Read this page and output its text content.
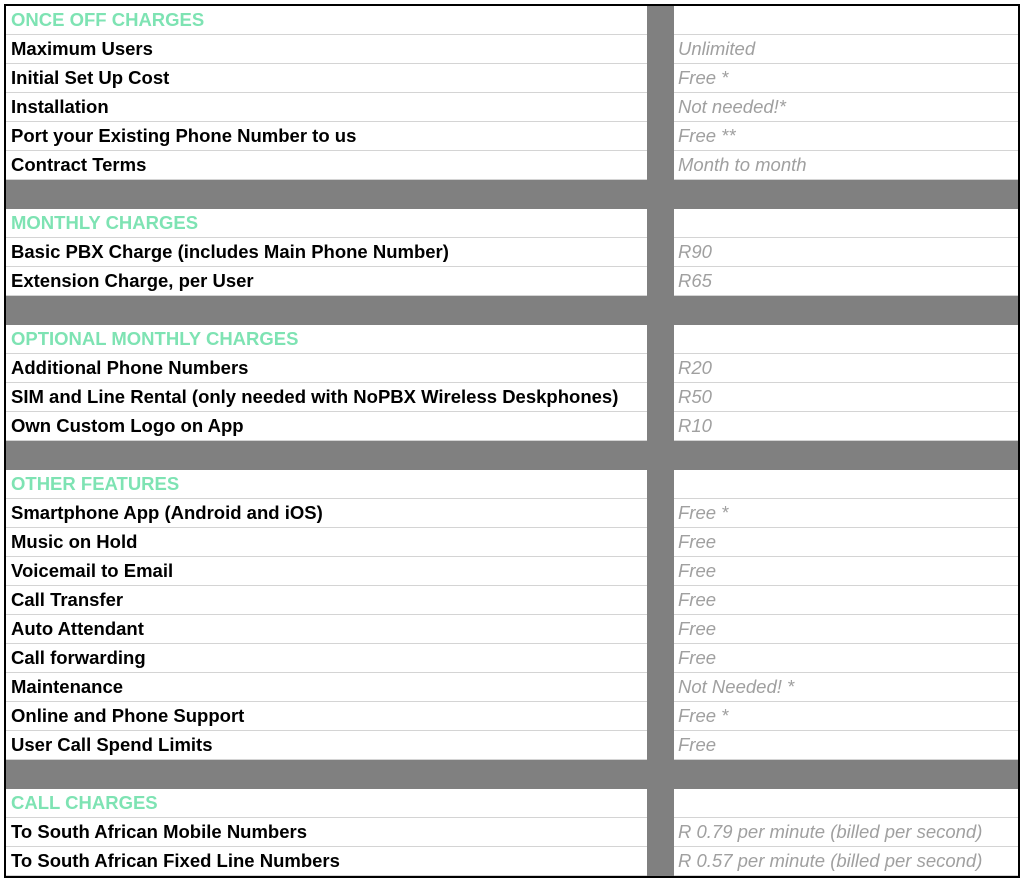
ONCE OFF CHARGES		
Maximum Users		Unlimited
Initial Set Up Cost		Free *
Installation		Not needed!*
Port your Existing Phone Number to us		Free **
Contract Terms		Month to month

MONTHLY CHARGES		
Basic PBX Charge (includes Main Phone Number)		R90
Extension Charge, per User		R65

OPTIONAL MONTHLY CHARGES		
Additional Phone Numbers		R20
SIM and Line Rental (only needed with NoPBX Wireless Deskphones)		R50
Own Custom Logo on App		R10

OTHER FEATURES		
Smartphone App (Android and iOS)		Free *
Music on Hold		Free
Voicemail to Email		Free
Call Transfer		Free
Auto Attendant		Free
Call forwarding		Free
Maintenance		Not Needed! *
Online and Phone Support		Free *
User Call Spend Limits		Free

CALL CHARGES		
To South African Mobile Numbers		R 0.79 per minute (billed per second)
To South African Fixed Line Numbers		R 0.57 per minute (billed per second)
